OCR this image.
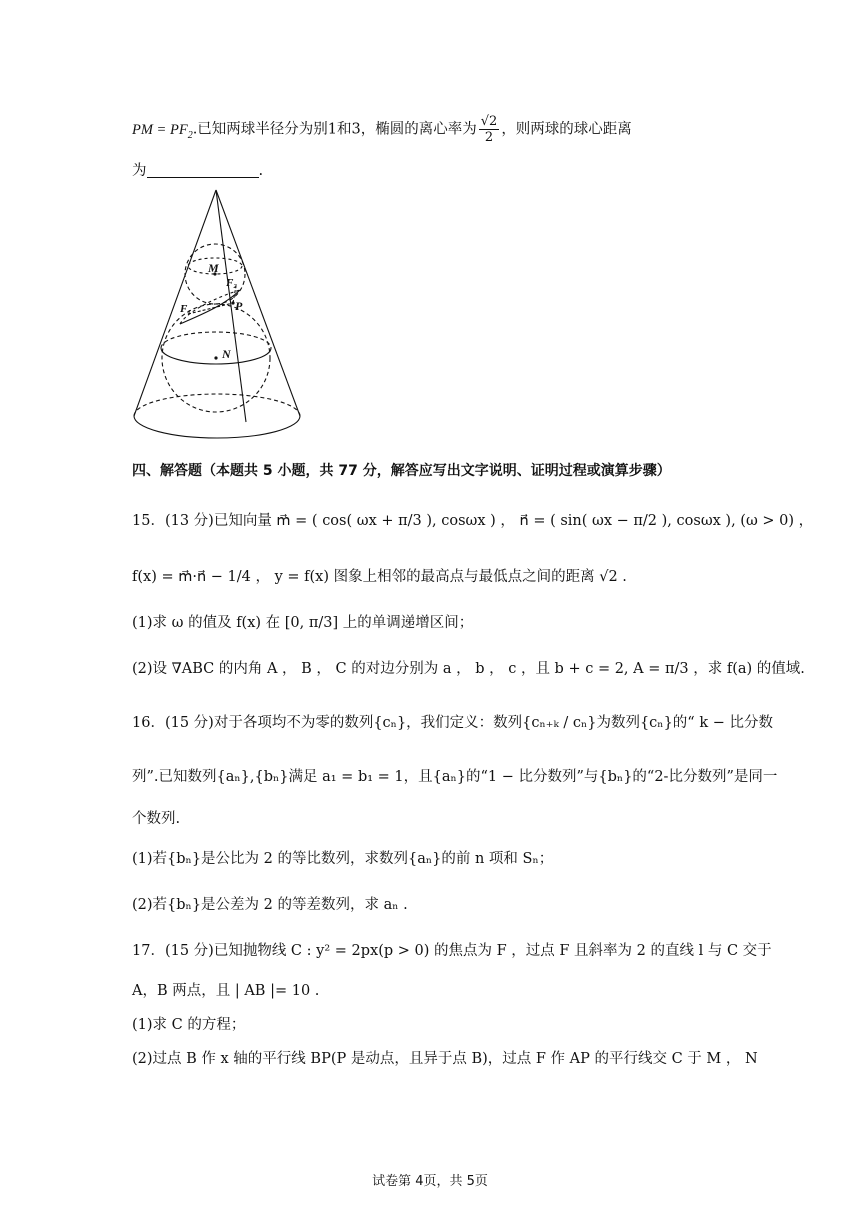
PM = $PF_2$.已知两球半径分为别1和3，椭圆的离心率为 $\frac{√2}{2}$ ，则两球的球心距离
为	.
M
F₂
F₁	P
N
四、解答题（本题共 5 小题，共 77 分，解答应写出文字说明、证明过程或演算步骤）
15．(13 分)已知向量 m⃗ = ( cos( ωx + π/3 ), cosωx ) ， n⃗ = ( sin( ωx − π/2 ), cosωx ), (ω > 0) ，
f(x) = m⃗·n⃗ − 1/4 ， y = f(x) 图象上相邻的最高点与最低点之间的距离 √2 .
(1)求 ω 的值及 f(x) 在 [0, π/3] 上的单调递增区间；
(2)设 ∇ABC 的内角 A ， B ， C 的对边分别为 a ， b ， c ，且 b + c = 2, A = π/3 ，求 f(a) 的值域.
16．(15 分)对于各项均不为零的数列{cₙ}，我们定义：数列{cₙ₊ₖ / cₙ}为数列{cₙ}的“ k − 比分数
列”.已知数列{aₙ},{bₙ}满足 a₁ = b₁ = 1，且{aₙ}的“1 − 比分数列”与{bₙ}的“2-比分数列”是同一
个数列.
(1)若{bₙ}是公比为 2 的等比数列，求数列{aₙ}的前 n 项和 Sₙ；
(2)若{bₙ}是公差为 2 的等差数列，求 aₙ .
17．(15 分)已知抛物线 C : y² = 2px(p > 0) 的焦点为 F ，过点 F 且斜率为 2 的直线 l 与 C 交于
A，B 两点，且 | AB |= 10 .
(1)求 C 的方程；
(2)过点 B 作 x 轴的平行线 BP(P 是动点，且异于点 B)，过点 F 作 AP 的平行线交 C 于 M ， N
试卷第 4页，共 5页
